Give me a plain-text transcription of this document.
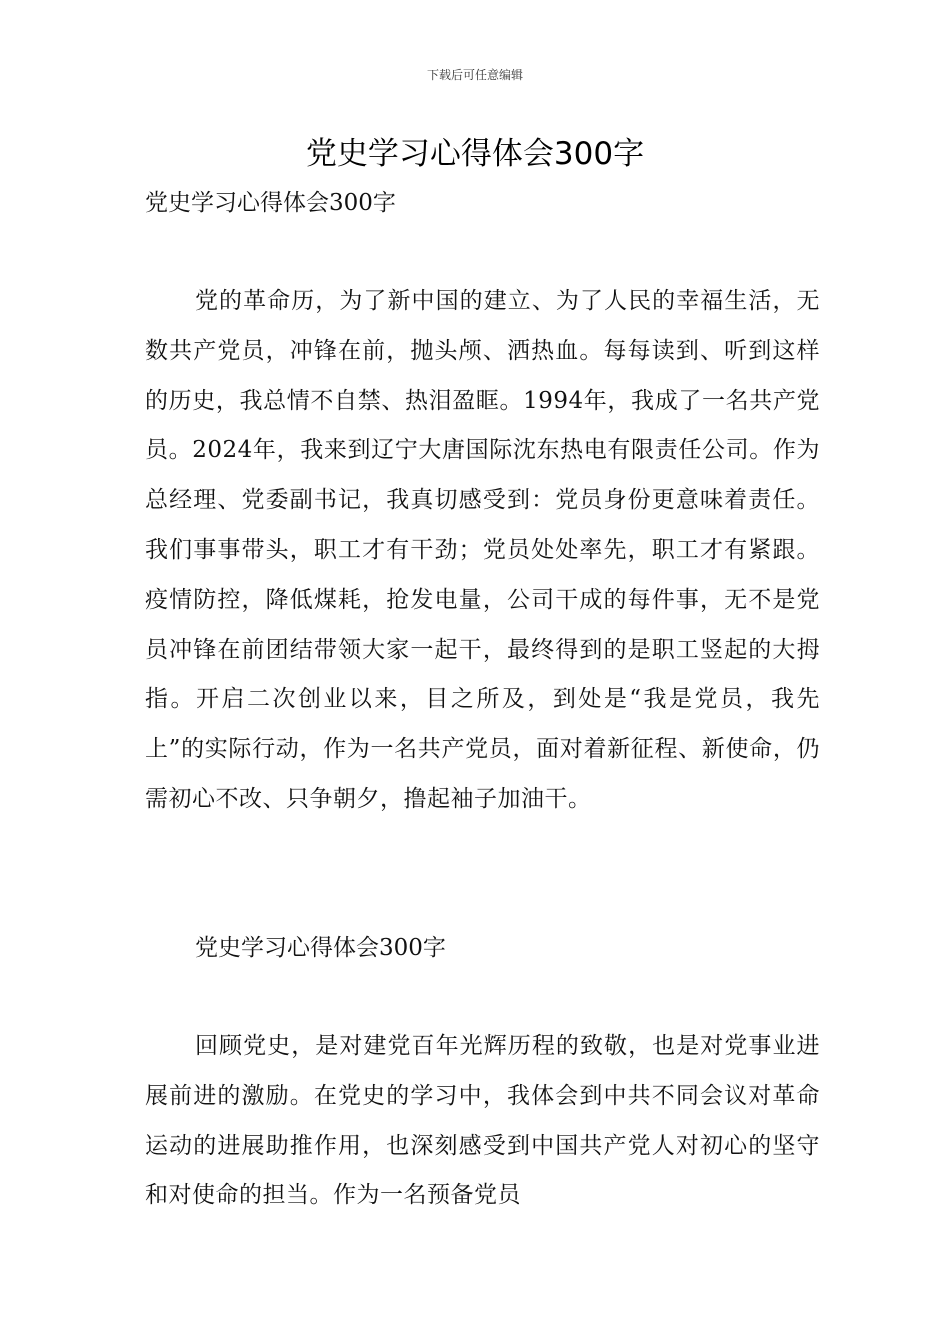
下载后可任意编辑
党史学习心得体会300字
党史学习心得体会300字

党的革命历，为了新中国的建立、为了人民的幸福生活，无数共产党员，冲锋在前，抛头颅、洒热血。每每读到、听到这样的历史，我总情不自禁、热泪盈眶。1994年，我成了一名共产党员。2024年，我来到辽宁大唐国际沈东热电有限责任公司。作为总经理、党委副书记，我真切感受到：党员身份更意味着责任。我们事事带头，职工才有干劲；党员处处率先，职工才有紧跟。疫情防控，降低煤耗，抢发电量，公司干成的每件事，无不是党员冲锋在前团结带领大家一起干，最终得到的是职工竖起的大拇指。开启二次创业以来，目之所及，到处是“我是党员，我先上”的实际行动，作为一名共产党员，面对着新征程、新使命，仍需初心不改、只争朝夕，撸起袖子加油干。

党史学习心得体会300字

回顾党史，是对建党百年光辉历程的致敬，也是对党事业进展前进的激励。在党史的学习中，我体会到中共不同会议对革命运动的进展助推作用，也深刻感受到中国共产党人对初心的坚守和对使命的担当。作为一名预备党员
